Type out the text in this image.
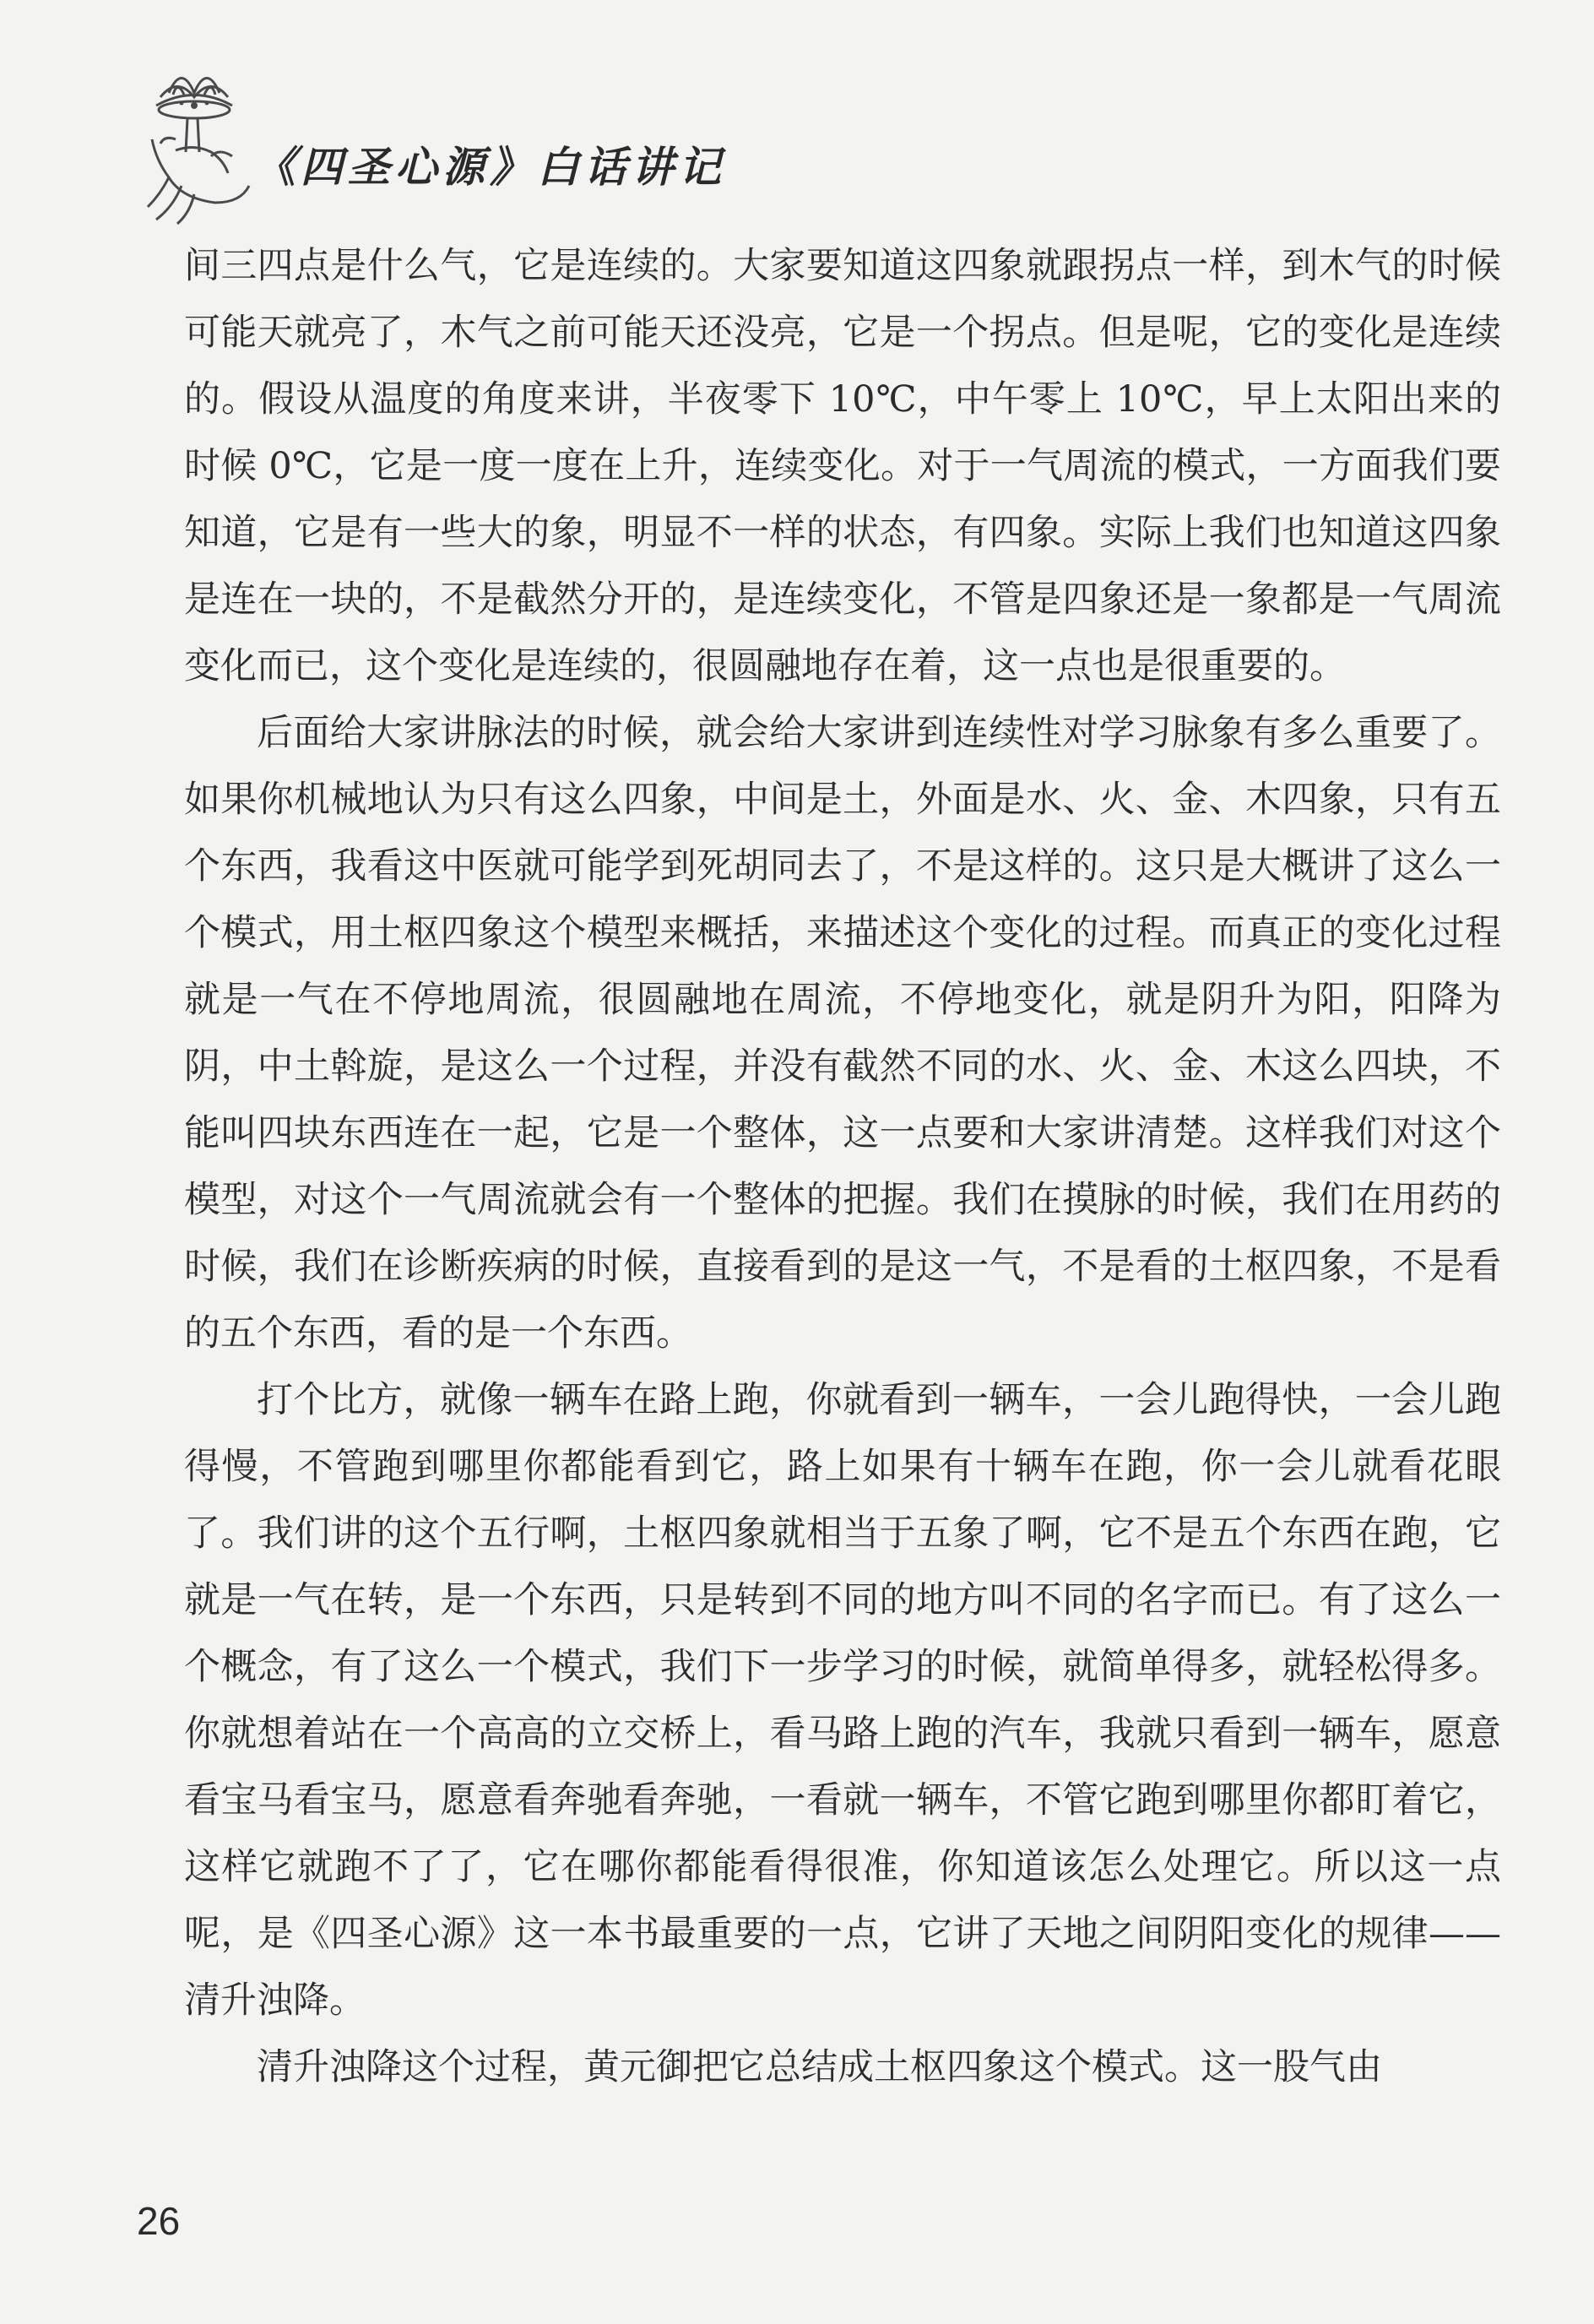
《四圣心源》白话讲记

间三四点是什么气，它是连续的。大家要知道这四象就跟拐点一样，到木气的时候可能天就亮了，木气之前可能天还没亮，它是一个拐点。但是呢，它的变化是连续的。假设从温度的角度来讲，半夜零下 10℃，中午零上 10℃，早上太阳出来的时候 0℃，它是一度一度在上升，连续变化。对于一气周流的模式，一方面我们要知道，它是有一些大的象，明显不一样的状态，有四象。实际上我们也知道这四象是连在一块的，不是截然分开的，是连续变化，不管是四象还是一象都是一气周流变化而已，这个变化是连续的，很圆融地存在着，这一点也是很重要的。

后面给大家讲脉法的时候，就会给大家讲到连续性对学习脉象有多么重要了。如果你机械地认为只有这么四象，中间是土，外面是水、火、金、木四象，只有五个东西，我看这中医就可能学到死胡同去了，不是这样的。这只是大概讲了这么一个模式，用土枢四象这个模型来概括，来描述这个变化的过程。而真正的变化过程就是一气在不停地周流，很圆融地在周流，不停地变化，就是阴升为阳，阳降为阴，中土斡旋，是这么一个过程，并没有截然不同的水、火、金、木这么四块，不能叫四块东西连在一起，它是一个整体，这一点要和大家讲清楚。这样我们对这个模型，对这个一气周流就会有一个整体的把握。我们在摸脉的时候，我们在用药的时候，我们在诊断疾病的时候，直接看到的是这一气，不是看的土枢四象，不是看的五个东西，看的是一个东西。

打个比方，就像一辆车在路上跑，你就看到一辆车，一会儿跑得快，一会儿跑得慢，不管跑到哪里你都能看到它，路上如果有十辆车在跑，你一会儿就看花眼了。我们讲的这个五行啊，土枢四象就相当于五象了啊，它不是五个东西在跑，它就是一气在转，是一个东西，只是转到不同的地方叫不同的名字而已。有了这么一个概念，有了这么一个模式，我们下一步学习的时候，就简单得多，就轻松得多。你就想着站在一个高高的立交桥上，看马路上跑的汽车，我就只看到一辆车，愿意看宝马看宝马，愿意看奔驰看奔驰，一看就一辆车，不管它跑到哪里你都盯着它，这样它就跑不了了，它在哪你都能看得很准，你知道该怎么处理它。所以这一点呢，是《四圣心源》这一本书最重要的一点，它讲了天地之间阴阳变化的规律——清升浊降。

清升浊降这个过程，黄元御把它总结成土枢四象这个模式。这一股气由

26
